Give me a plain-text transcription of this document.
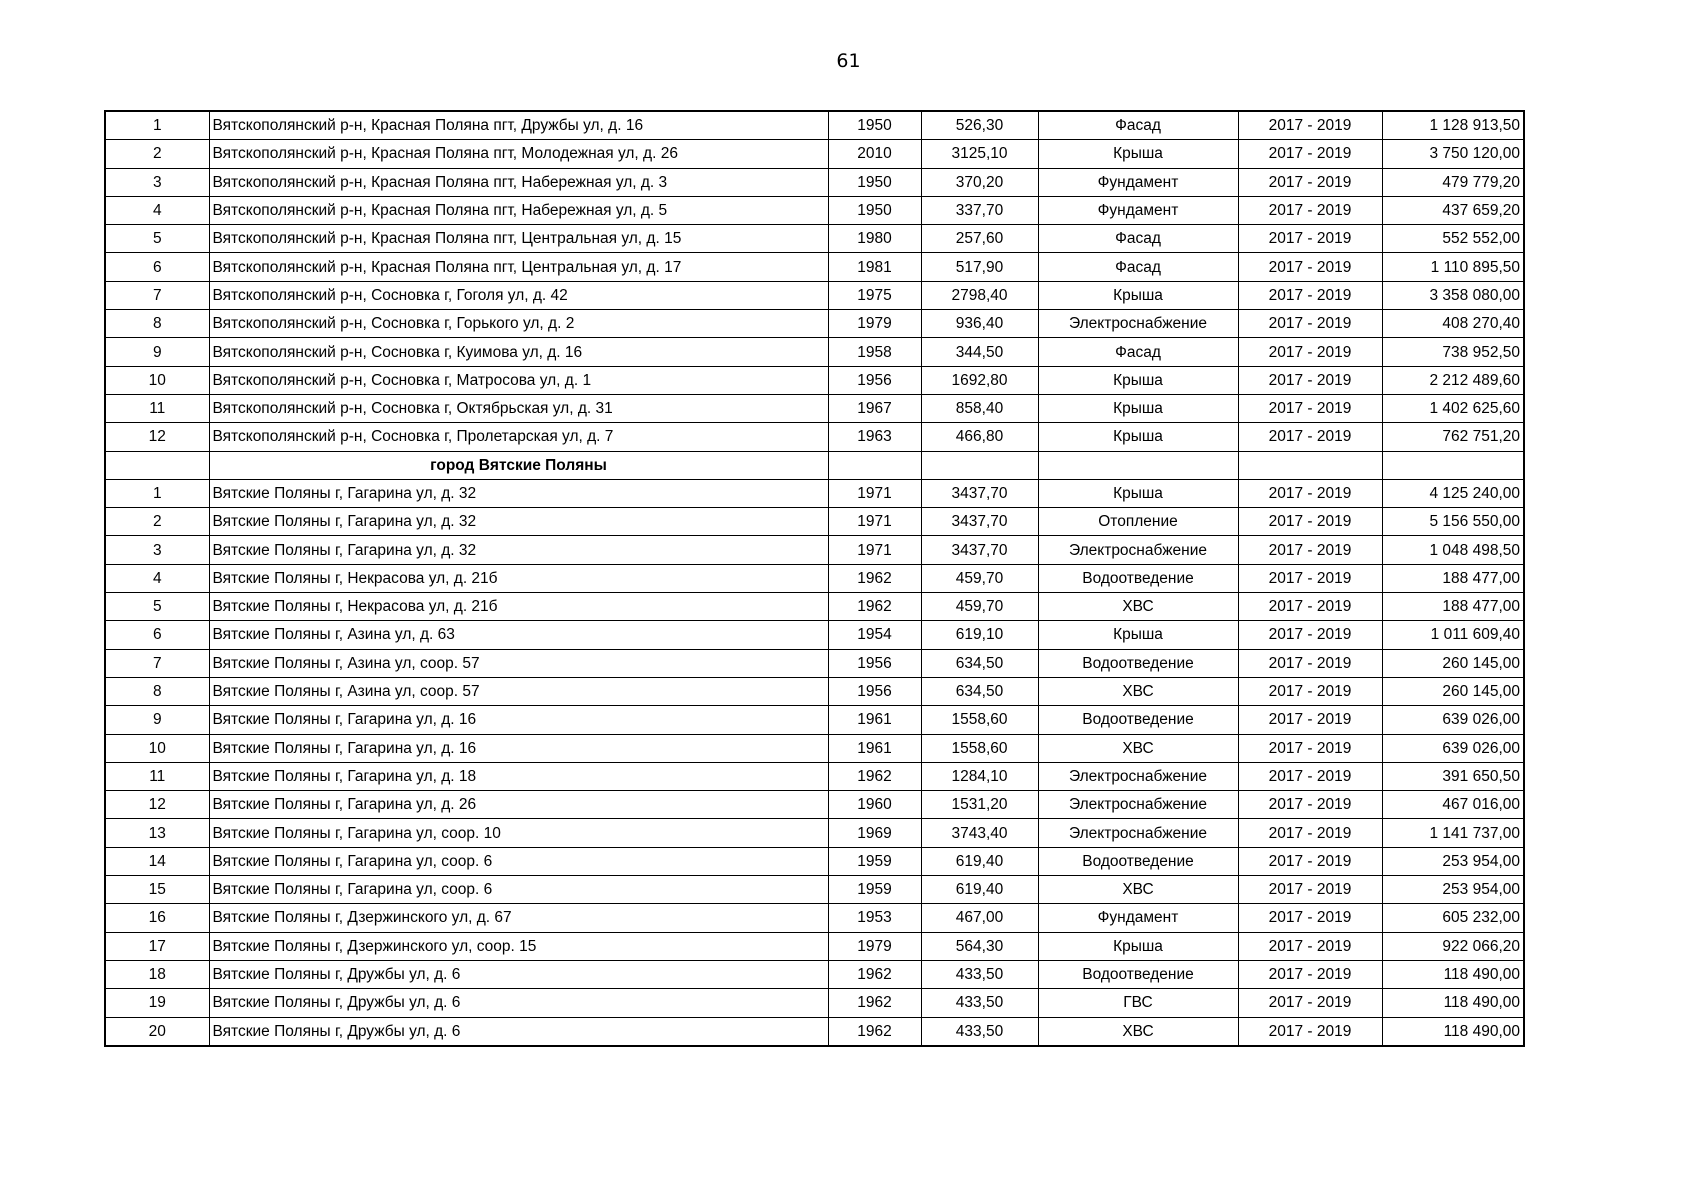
61
1	Вятскополянский р-н, Красная Поляна пгт, Дружбы ул, д. 16	1950	526,30	Фасад	2017 - 2019	1 128 913,50
2	Вятскополянский р-н, Красная Поляна пгт, Молодежная ул, д. 26	2010	3125,10	Крыша	2017 - 2019	3 750 120,00
3	Вятскополянский р-н, Красная Поляна пгт, Набережная ул, д. 3	1950	370,20	Фундамент	2017 - 2019	479 779,20
4	Вятскополянский р-н, Красная Поляна пгт, Набережная ул, д. 5	1950	337,70	Фундамент	2017 - 2019	437 659,20
5	Вятскополянский р-н, Красная Поляна пгт, Центральная ул, д. 15	1980	257,60	Фасад	2017 - 2019	552 552,00
6	Вятскополянский р-н, Красная Поляна пгт, Центральная ул, д. 17	1981	517,90	Фасад	2017 - 2019	1 110 895,50
7	Вятскополянский р-н, Сосновка г, Гоголя ул, д. 42	1975	2798,40	Крыша	2017 - 2019	3 358 080,00
8	Вятскополянский р-н, Сосновка г, Горького ул, д. 2	1979	936,40	Электроснабжение	2017 - 2019	408 270,40
9	Вятскополянский р-н, Сосновка г, Куимова ул, д. 16	1958	344,50	Фасад	2017 - 2019	738 952,50
10	Вятскополянский р-н, Сосновка г, Матросова ул, д. 1	1956	1692,80	Крыша	2017 - 2019	2 212 489,60
11	Вятскополянский р-н, Сосновка г, Октябрьская ул, д. 31	1967	858,40	Крыша	2017 - 2019	1 402 625,60
12	Вятскополянский р-н, Сосновка г, Пролетарская ул, д. 7	1963	466,80	Крыша	2017 - 2019	762 751,20
	город Вятские Поляны					
1	Вятские Поляны г, Гагарина ул, д. 32	1971	3437,70	Крыша	2017 - 2019	4 125 240,00
2	Вятские Поляны г, Гагарина ул, д. 32	1971	3437,70	Отопление	2017 - 2019	5 156 550,00
3	Вятские Поляны г, Гагарина ул, д. 32	1971	3437,70	Электроснабжение	2017 - 2019	1 048 498,50
4	Вятские Поляны г, Некрасова ул, д. 21б	1962	459,70	Водоотведение	2017 - 2019	188 477,00
5	Вятские Поляны г, Некрасова ул, д. 21б	1962	459,70	ХВС	2017 - 2019	188 477,00
6	Вятские Поляны г, Азина ул, д. 63	1954	619,10	Крыша	2017 - 2019	1 011 609,40
7	Вятские Поляны г, Азина ул, соор. 57	1956	634,50	Водоотведение	2017 - 2019	260 145,00
8	Вятские Поляны г, Азина ул, соор. 57	1956	634,50	ХВС	2017 - 2019	260 145,00
9	Вятские Поляны г, Гагарина ул, д. 16	1961	1558,60	Водоотведение	2017 - 2019	639 026,00
10	Вятские Поляны г, Гагарина ул, д. 16	1961	1558,60	ХВС	2017 - 2019	639 026,00
11	Вятские Поляны г, Гагарина ул, д. 18	1962	1284,10	Электроснабжение	2017 - 2019	391 650,50
12	Вятские Поляны г, Гагарина ул, д. 26	1960	1531,20	Электроснабжение	2017 - 2019	467 016,00
13	Вятские Поляны г, Гагарина ул, соор. 10	1969	3743,40	Электроснабжение	2017 - 2019	1 141 737,00
14	Вятские Поляны г, Гагарина ул, соор. 6	1959	619,40	Водоотведение	2017 - 2019	253 954,00
15	Вятские Поляны г, Гагарина ул, соор. 6	1959	619,40	ХВС	2017 - 2019	253 954,00
16	Вятские Поляны г, Дзержинского ул, д. 67	1953	467,00	Фундамент	2017 - 2019	605 232,00
17	Вятские Поляны г, Дзержинского ул, соор. 15	1979	564,30	Крыша	2017 - 2019	922 066,20
18	Вятские Поляны г, Дружбы ул, д. 6	1962	433,50	Водоотведение	2017 - 2019	118 490,00
19	Вятские Поляны г, Дружбы ул, д. 6	1962	433,50	ГВС	2017 - 2019	118 490,00
20	Вятские Поляны г, Дружбы ул, д. 6	1962	433,50	ХВС	2017 - 2019	118 490,00
